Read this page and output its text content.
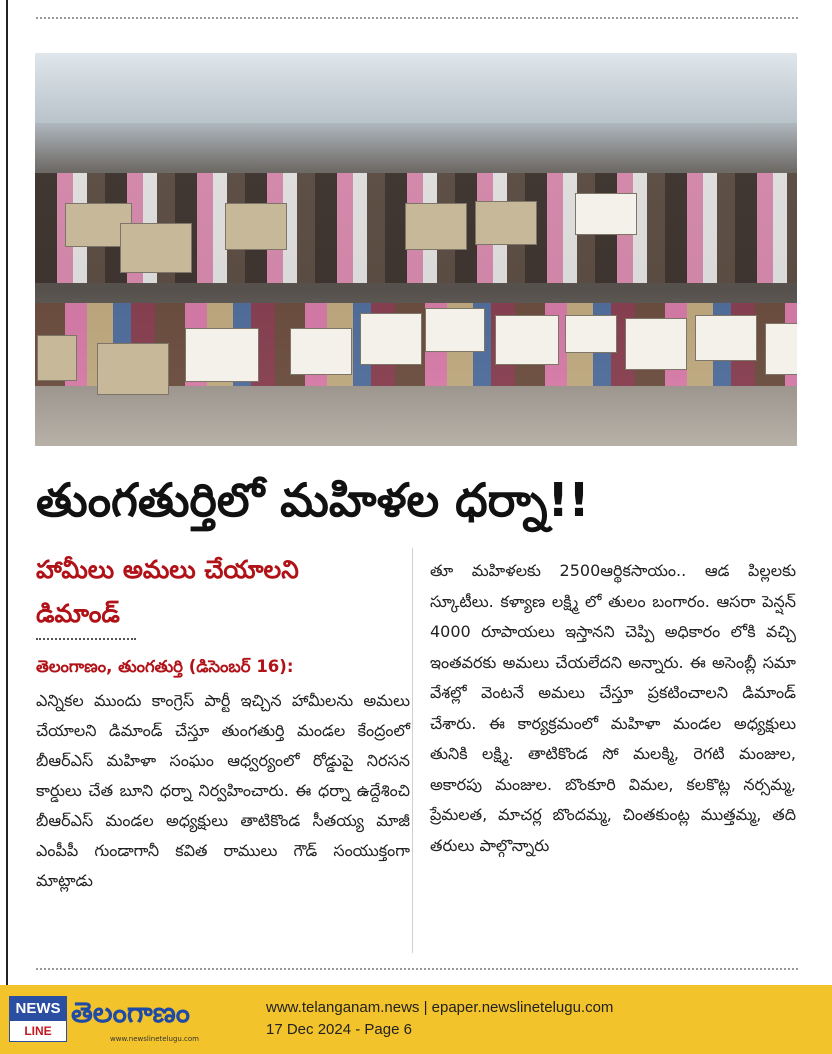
తుంగతుర్తిలో మహిళల ధర్నా!!
హామీలు అమలు చేయాలని
డిమాండ్
తెలంగాణం, తుంగతుర్తి (డిసెంబర్ 16):
ఎన్నికల ముందు కాంగ్రెస్ పార్టీ ఇచ్చిన హామీలను అమలు చేయాలని డిమాండ్ చేస్తూ తుంగతుర్తి మండల కేంద్రంలో బీఆర్ఎస్ మహిళా సంఘం ఆధ్వర్యంలో రోడ్డుపై నిరసన కార్డులు చేత బూని ధర్నా నిర్వహించారు. ఈ ధర్నా ఉద్దేశించి బీఆర్ఎస్ మండల అధ్యక్షులు తాటికొండ సీతయ్య మాజీ ఎంపీపీ గుండాగానీ కవిత రాములు గౌడ్ సంయుక్తంగా మాట్లాడు
తూ మహిళలకు 2500ఆర్థికసాయం.. ఆడ పిల్లలకు స్కూటీలు. కళ్యాణ లక్ష్మి లో తులం బంగారం. ఆసరా పెన్షన్ 4000 రూపాయలు ఇస్తానని చెప్పి అధికారం లోకి వచ్చి ఇంతవరకు అమలు చేయలేదని అన్నారు. ఈ అసెంబ్లీ సమా వేశల్లో వెంటనే అమలు చేస్తూ ప్రకటించాలని డిమాండ్ చేశారు. ఈ కార్యక్రమంలో మహిళా మండల అధ్యక్షులు తునికి లక్ష్మి. తాటికొండ సో మలక్మి, రెగటి మంజుల, అకారపు మంజుల. బొంకూరి విమల, కలకొట్ల నర్సమ్మ, ప్రేమలత, మాచర్ల బొందమ్మ, చింతకుంట్ల ముత్తమ్మ, తది తరులు పాల్గొన్నారు
NEWS
LINE
తెలంగాణం
www.newslinetelugu.com
www.telanganam.news | epaper.newslinetelugu.com
17 Dec 2024 - Page 6
